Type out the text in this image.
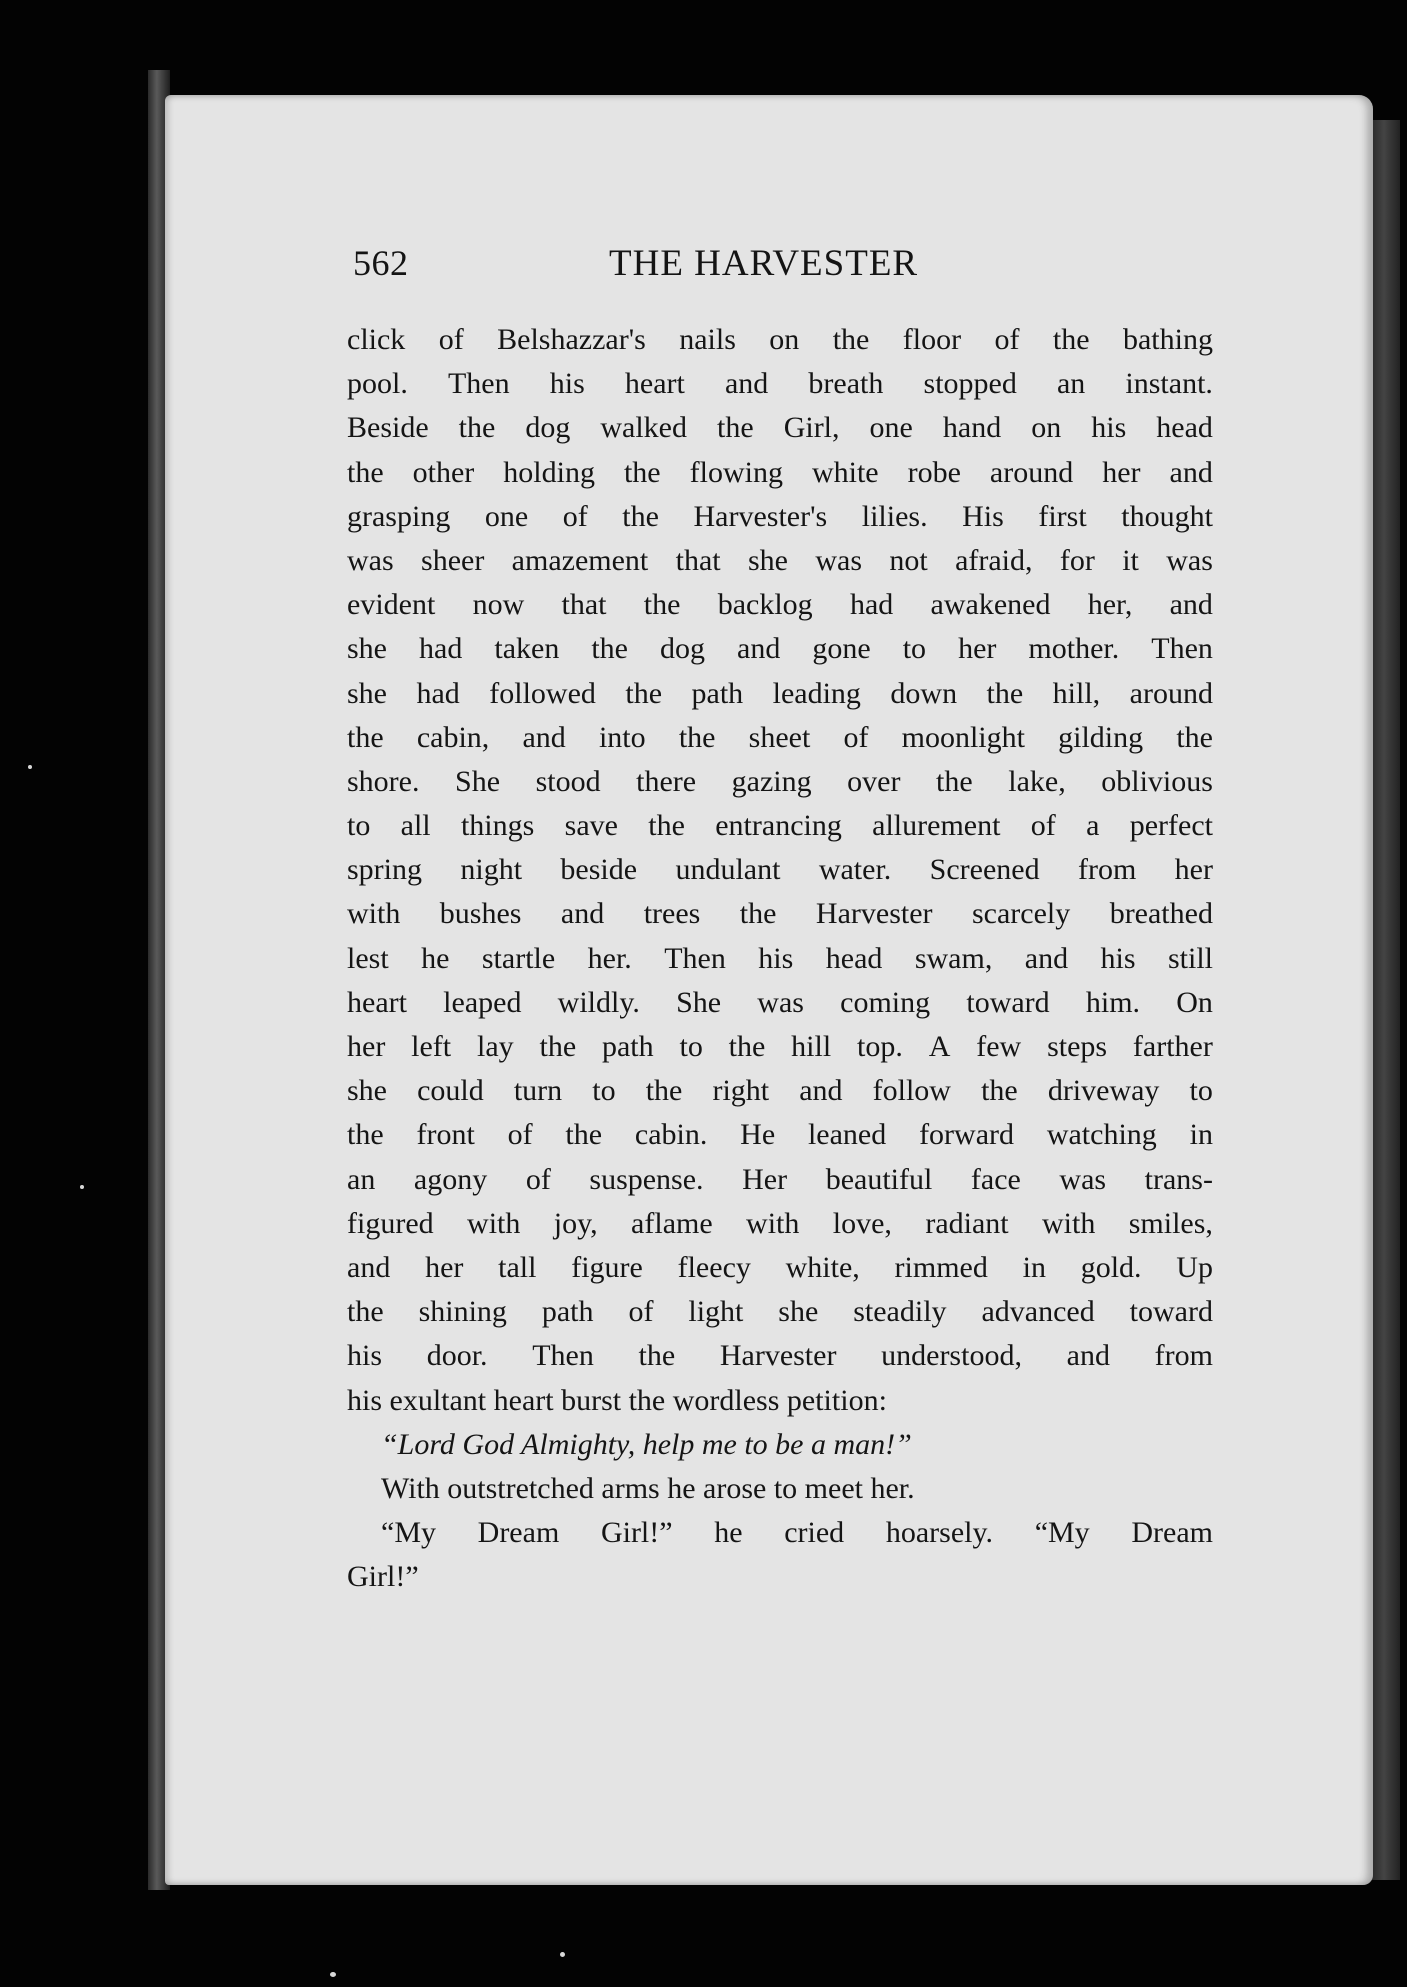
562	THE HARVESTER
click of Belshazzar's nails on the floor of the bathing
pool. Then his heart and breath stopped an instant.
Beside the dog walked the Girl, one hand on his head
the other holding the flowing white robe around her and
grasping one of the Harvester's lilies. His first thought
was sheer amazement that she was not afraid, for it was
evident now that the backlog had awakened her, and
she had taken the dog and gone to her mother. Then
she had followed the path leading down the hill, around
the cabin, and into the sheet of moonlight gilding the
shore. She stood there gazing over the lake, oblivious
to all things save the entrancing allurement of a perfect
spring night beside undulant water. Screened from her
with bushes and trees the Harvester scarcely breathed
lest he startle her. Then his head swam, and his still
heart leaped wildly. She was coming toward him. On
her left lay the path to the hill top. A few steps farther
she could turn to the right and follow the driveway to
the front of the cabin. He leaned forward watching in
an agony of suspense. Her beautiful face was trans-
figured with joy, aflame with love, radiant with smiles,
and her tall figure fleecy white, rimmed in gold. Up
the shining path of light she steadily advanced toward
his door. Then the Harvester understood, and from
his exultant heart burst the wordless petition:
“Lord God Almighty, help me to be a man!”
With outstretched arms he arose to meet her.
“My Dream Girl!” he cried hoarsely. “My Dream
Girl!”
